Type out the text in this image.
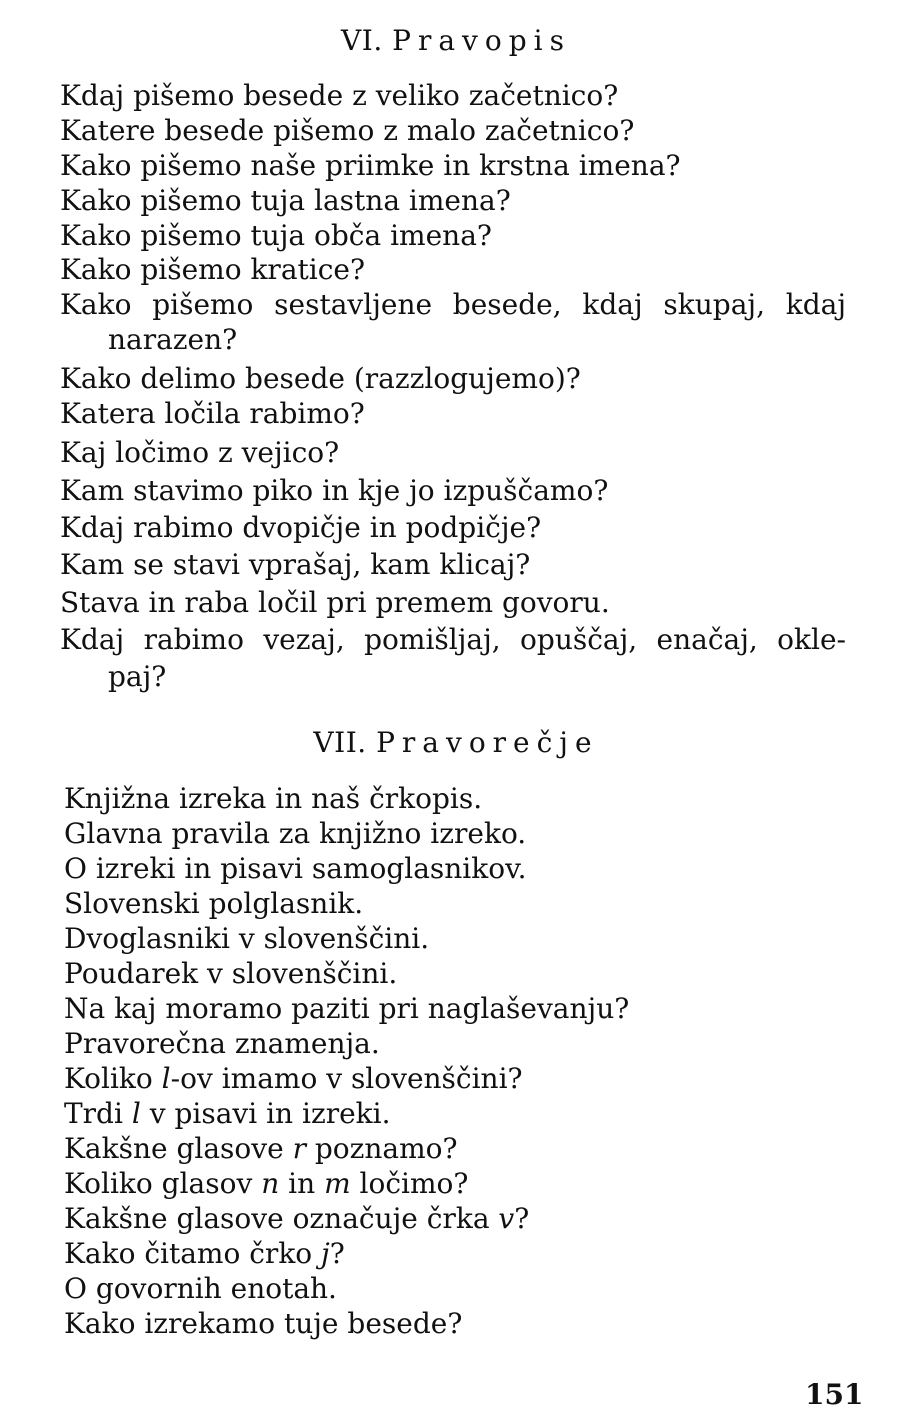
VI. Pravopis
Kdaj pišemo besede z veliko začetnico?
Katere besede pišemo z malo začetnico?
Kako pišemo naše priimke in krstna imena?
Kako pišemo tuja lastna imena?
Kako pišemo tuja obča imena?
Kako pišemo kratice?
Kako pišemo sestavljene besede, kdaj skupaj, kdaj
narazen?
Kako delimo besede (razzlogujemo)?
Katera ločila rabimo?
Kaj ločimo z vejico?
Kam stavimo piko in kje jo izpuščamo?
Kdaj rabimo dvopičje in podpičje?
Kam se stavi vprašaj, kam klicaj?
Stava in raba ločil pri premem govoru.
Kdaj rabimo vezaj, pomišljaj, opuščaj, enačaj, okle-
paj?
VII. Pravorečje
Knjižna izreka in naš črkopis.
Glavna pravila za knjižno izreko.
O izreki in pisavi samoglasnikov.
Slovenski polglasnik.
Dvoglasniki v slovenščini.
Poudarek v slovenščini.
Na kaj moramo paziti pri naglaševanju?
Pravorečna znamenja.
Koliko l-ov imamo v slovenščini?
Trdi l v pisavi in izreki.
Kakšne glasove r poznamo?
Koliko glasov n in m ločimo?
Kakšne glasove označuje črka v?
Kako čitamo črko j?
O govornih enotah.
Kako izrekamo tuje besede?
151
